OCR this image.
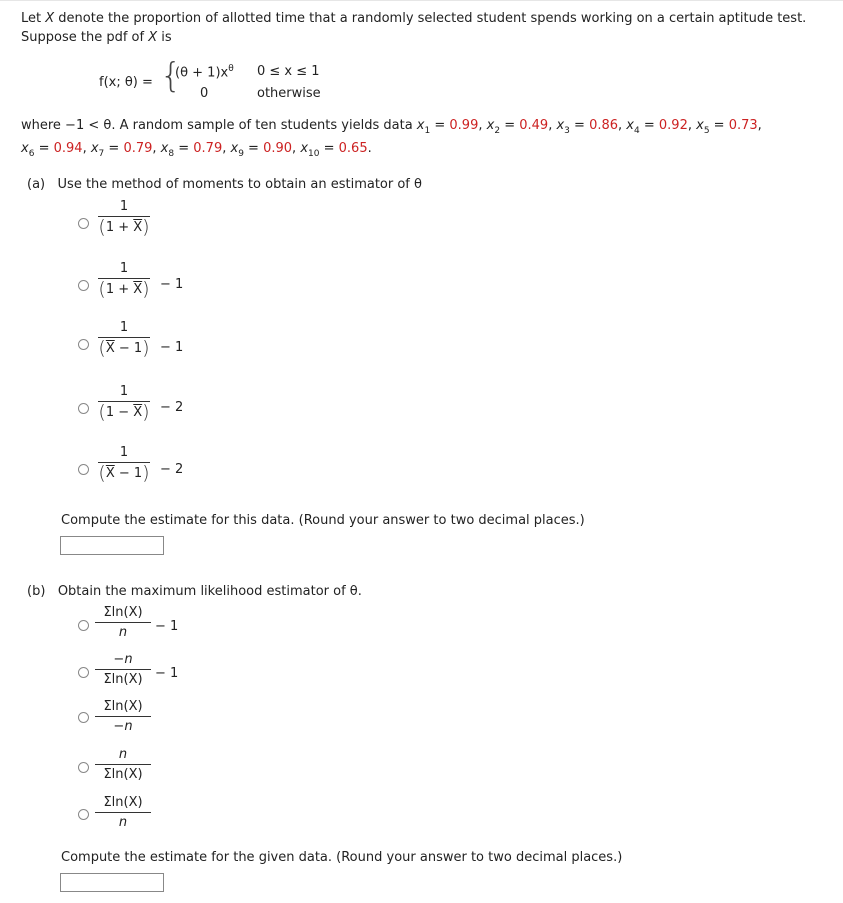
Let X denote the proportion of allotted time that a randomly selected student spends working on a certain aptitude test.
Suppose the pdf of X is
f(x; θ) = {
$(\theta + 1)x^\theta$ 0 ≤ x ≤ 1
0	otherwise
where −1 < θ. A random sample of ten students yields data $x_1 = 0.99$, $x_2 = 0.49$, $x_3 = 0.86$, $x_4 = 0.92$, $x_5 = 0.73$,
$x_6 = 0.94$, $x_7 = 0.79$, $x_8 = 0.79$, $x_9 = 0.90$, $x_{10} = 0.65$.
(a) Use the method of moments to obtain an estimator of θ
1
$(1 + \overline{X})$
1
$(1 + \overline{X}) - 1$
1
$(\overline{X} - 1) - 1$
1
$(1 - \overline{X}) - 2$
1
$(\overline{X} - 1) - 2$
Compute the estimate for this data. (Round your answer to two decimal places.)
(b) Obtain the maximum likelihood estimator of θ.
Σln(X)
n	− 1
−n
Σln(X) − 1
Σln(X)
−n
n
Σln(X)
Σln(X)
n
Compute the estimate for the given data. (Round your answer to two decimal places.)
